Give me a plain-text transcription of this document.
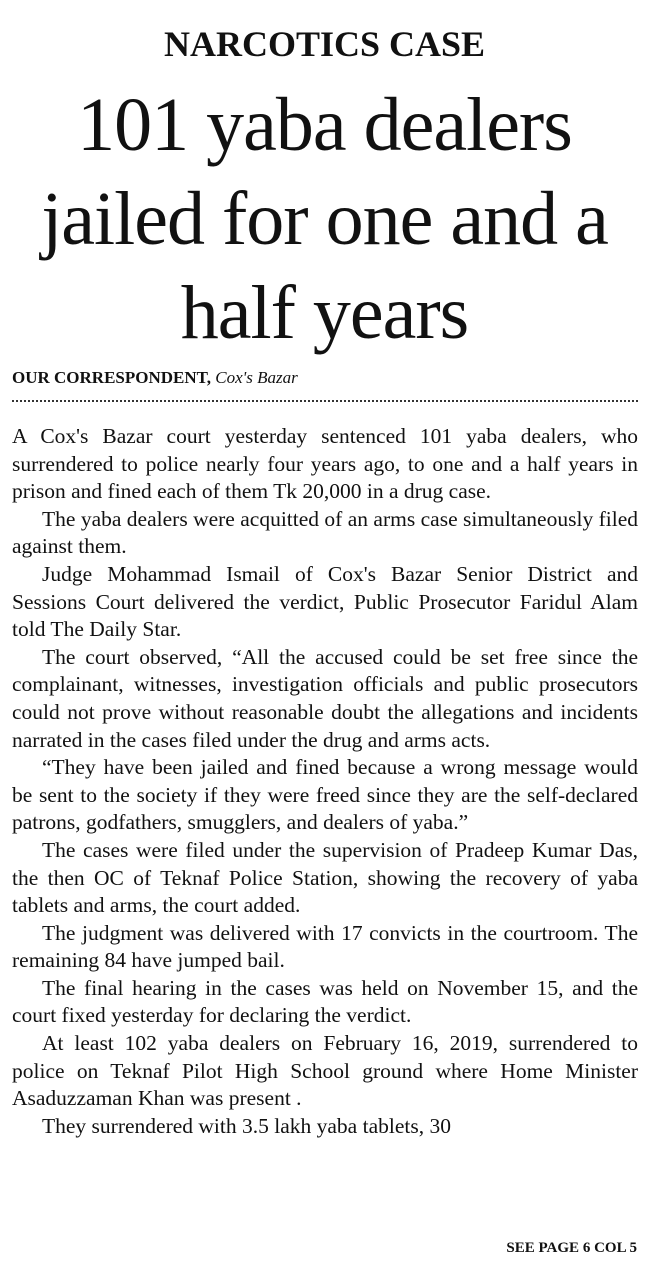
NARCOTICS CASE
101 yaba dealers jailed for one and a half years
OUR CORRESPONDENT, Cox's Bazar

A Cox's Bazar court yesterday sentenced 101 yaba dealers, who surrendered to police nearly four years ago, to one and a half years in prison and fined each of them Tk 20,000 in a drug case.

The yaba dealers were acquitted of an arms case simultaneously filed against them.

Judge Mohammad Ismail of Cox's Bazar Senior District and Sessions Court delivered the verdict, Public Prosecutor Faridul Alam told The Daily Star.

The court observed, “All the accused could be set free since the complainant, witnesses, investigation officials and public prosecutors could not prove without reasonable doubt the allegations and incidents narrated in the cases filed under the drug and arms acts.

“They have been jailed and fined because a wrong message would be sent to the society if they were freed since they are the self-declared patrons, godfathers, smugglers, and dealers of yaba.”

The cases were filed under the supervision of Pradeep Kumar Das, the then OC of Teknaf Police Station, showing the recovery of yaba tablets and arms, the court added.

The judgment was delivered with 17 convicts in the courtroom. The remaining 84 have jumped bail.

The final hearing in the cases was held on November 15, and the court fixed yesterday for declaring the verdict.

At least 102 yaba dealers on February 16, 2019, surrendered to police on Teknaf Pilot High School ground where Home Minister Asaduzzaman Khan was present .

They surrendered with 3.5 lakh yaba tablets, 30

SEE PAGE 6 COL 5
